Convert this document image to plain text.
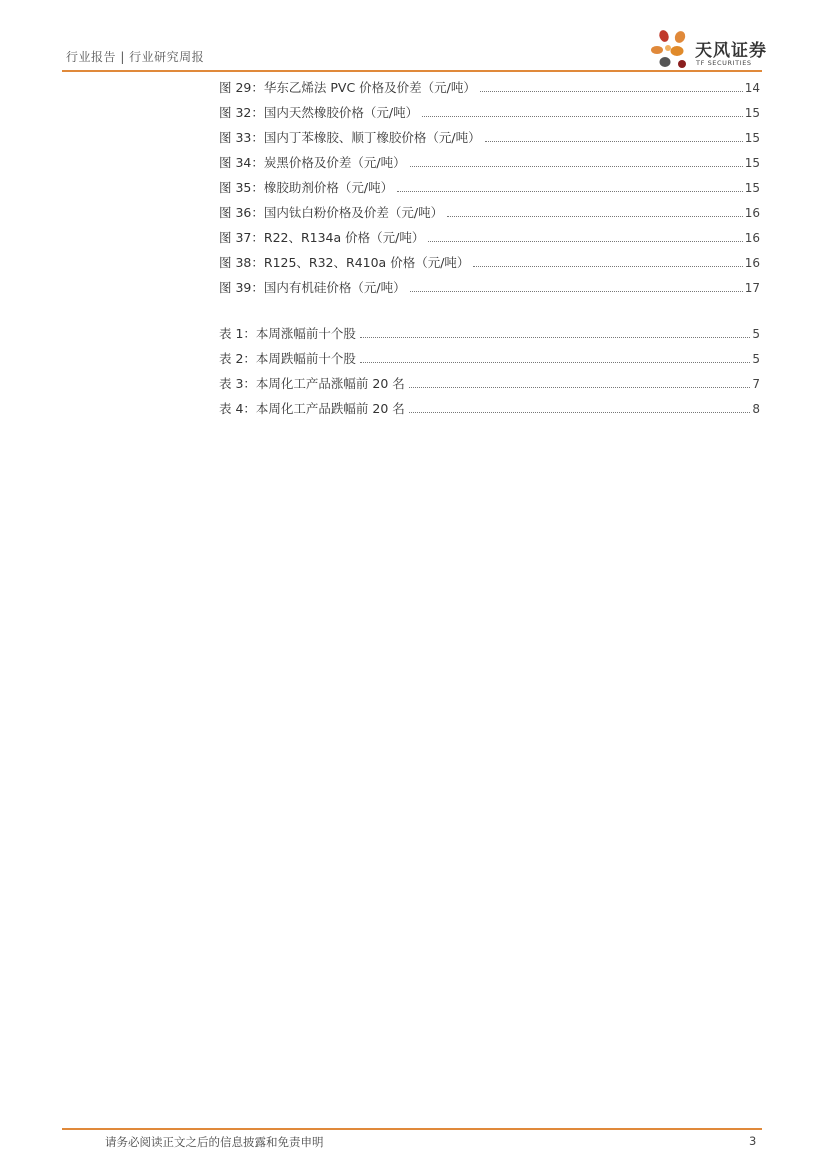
行业报告 | 行业研究周报	天风证券
TF SECURITIES
图 29：华东乙烯法 PVC 价格及价差（元/吨）	14
图 32：国内天然橡胶价格（元/吨）	15
图 33：国内丁苯橡胶、顺丁橡胶价格（元/吨）	15
图 34：炭黑价格及价差（元/吨）	15
图 35：橡胶助剂价格（元/吨）	15
图 36：国内钛白粉价格及价差（元/吨）	16
图 37：R22、R134a 价格（元/吨）	16
图 38：R125、R32、R410a 价格（元/吨）	16
图 39：国内有机硅价格（元/吨）	17
表 1：本周涨幅前十个股	5
表 2：本周跌幅前十个股	5
表 3：本周化工产品涨幅前 20 名	7
表 4：本周化工产品跌幅前 20 名	8
请务必阅读正文之后的信息披露和免责申明	3
